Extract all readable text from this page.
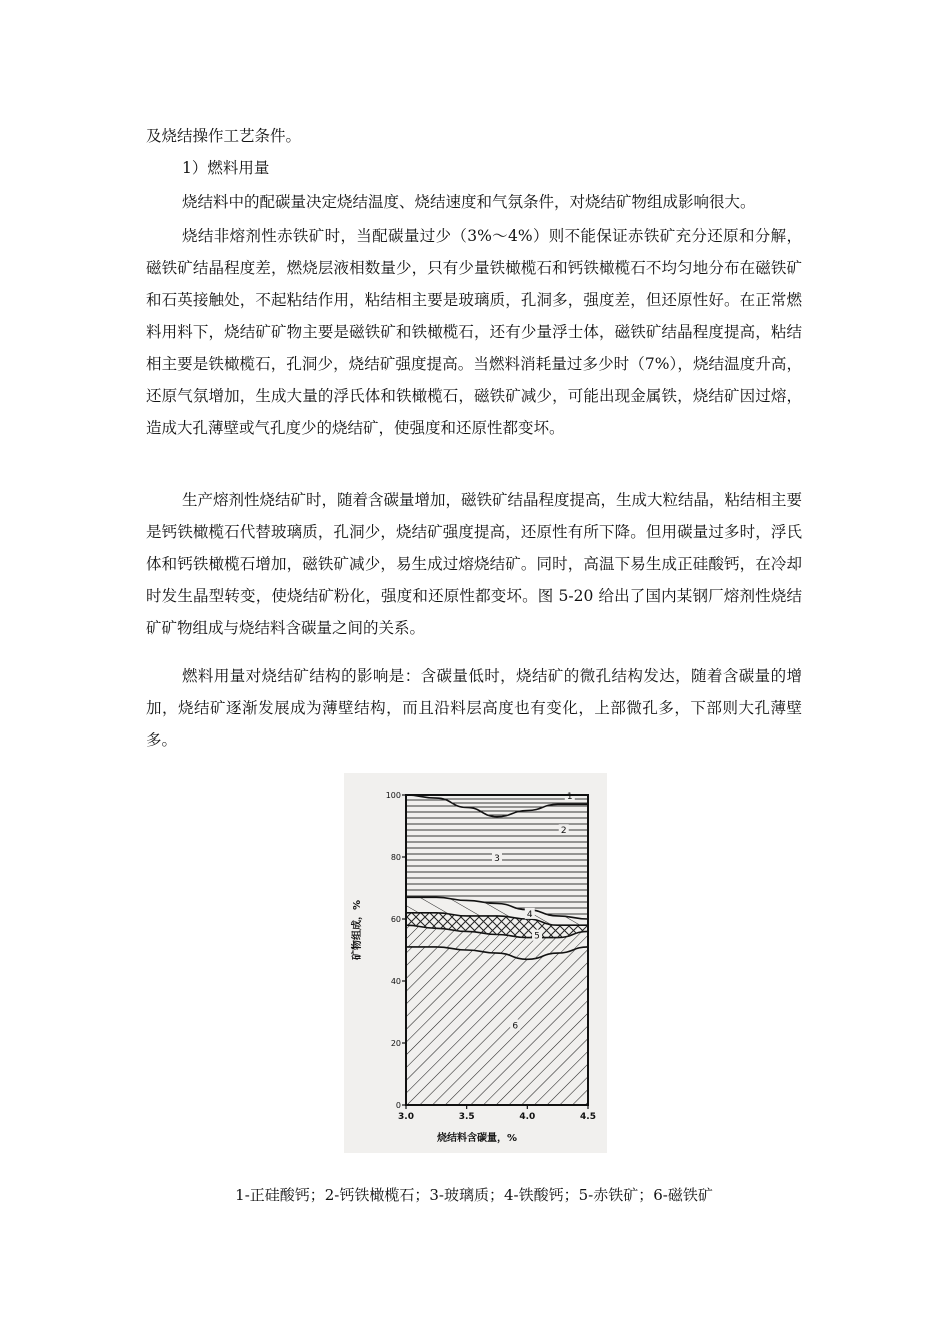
及烧结操作工艺条件。

1）燃料用量

烧结料中的配碳量决定烧结温度、烧结速度和气氛条件，对烧结矿物组成影响很大。

烧结非熔剂性赤铁矿时，当配碳量过少（3%～4%）则不能保证赤铁矿充分还原和分解，磁铁矿结晶程度差，燃烧层液相数量少，只有少量铁橄榄石和钙铁橄榄石不均匀地分布在磁铁矿和石英接触处，不起粘结作用，粘结相主要是玻璃质，孔洞多，强度差，但还原性好。在正常燃料用料下，烧结矿矿物主要是磁铁矿和铁橄榄石，还有少量浮士体，磁铁矿结晶程度提高，粘结相主要是铁橄榄石，孔洞少，烧结矿强度提高。当燃料消耗量过多少时（7%），烧结温度升高，还原气氛增加，生成大量的浮氏体和铁橄榄石，磁铁矿减少，可能出现金属铁，烧结矿因过熔，造成大孔薄壁或气孔度少的烧结矿，使强度和还原性都变坏。

生产熔剂性烧结矿时，随着含碳量增加，磁铁矿结晶程度提高，生成大粒结晶，粘结相主要是钙铁橄榄石代替玻璃质，孔洞少，烧结矿强度提高，还原性有所下降。但用碳量过多时，浮氏体和钙铁橄榄石增加，磁铁矿减少，易生成过熔烧结矿。同时，高温下易生成正硅酸钙，在冷却时发生晶型转变，使烧结矿粉化，强度和还原性都变坏。图 5-20 给出了国内某钢厂熔剂性烧结矿矿物组成与烧结料含碳量之间的关系。

燃料用量对烧结矿结构的影响是：含碳量低时，烧结矿的微孔结构发达，随着含碳量的增加，烧结矿逐渐发展成为薄壁结构，而且沿料层高度也有变化，上部微孔多，下部则大孔薄壁多。

1
2
3
4
5
6
0
20
40
60
80
100
3.0	3.5	4.0	4.5
烧结料含碳量，%
矿物组成，%
1-正硅酸钙；2-钙铁橄榄石；3-玻璃质；4-铁酸钙；5-赤铁矿；6-磁铁矿
